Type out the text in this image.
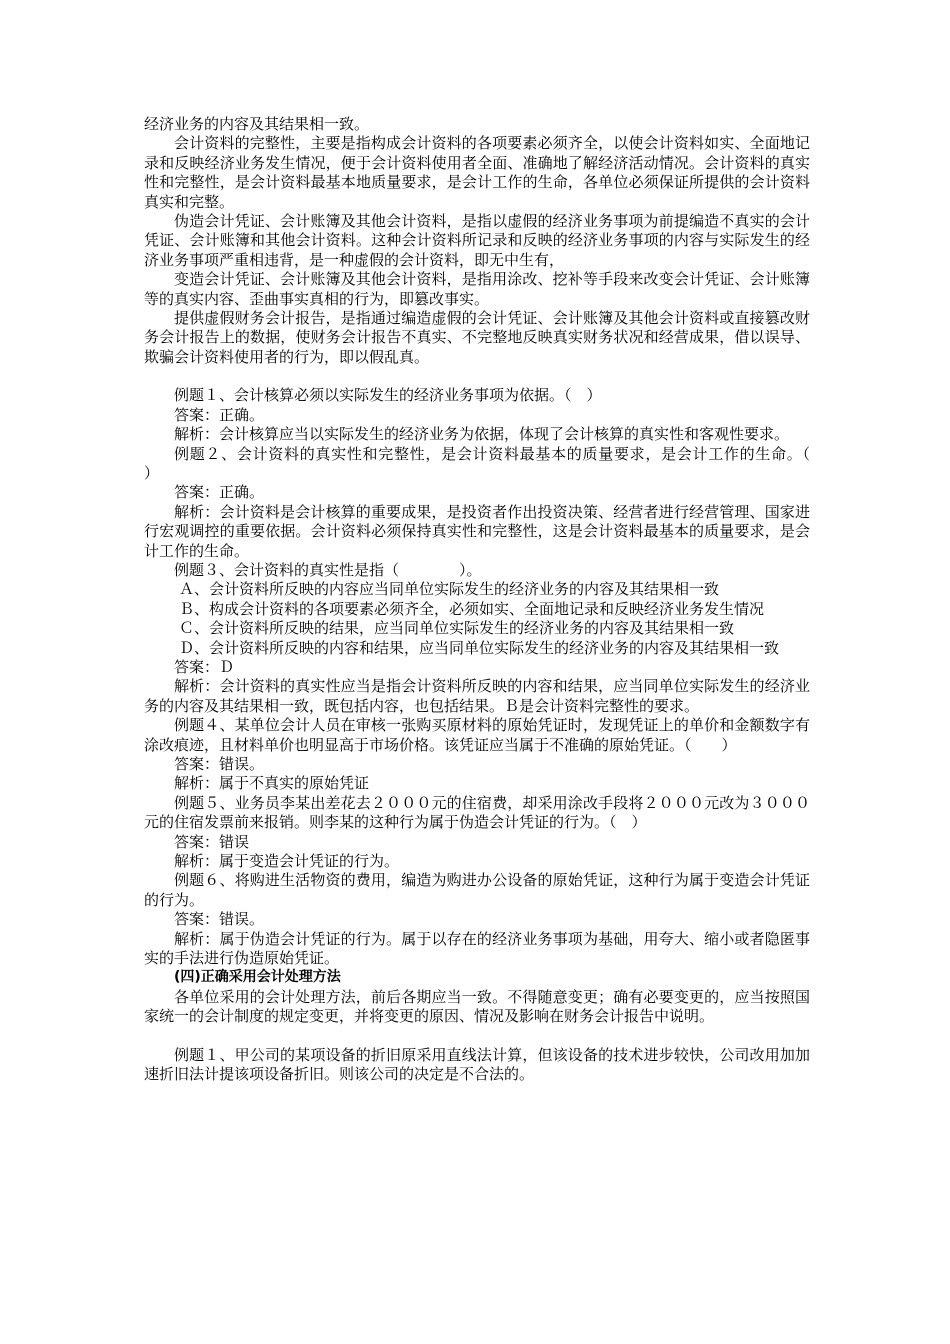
经济业务的内容及其结果相一致。

会计资料的完整性，主要是指构成会计资料的各项要素必须齐全，以使会计资料如实、全面地记录和反映经济业务发生情况，便于会计资料使用者全面、准确地了解经济活动情况。会计资料的真实性和完整性，是会计资料最基本地质量要求，是会计工作的生命，各单位必须保证所提供的会计资料真实和完整。

伪造会计凭证、会计账簿及其他会计资料，是指以虚假的经济业务事项为前提编造不真实的会计凭证、会计账簿和其他会计资料。这种会计资料所记录和反映的经济业务事项的内容与实际发生的经济业务事项严重相违背，是一种虚假的会计资料，即无中生有，

变造会计凭证、会计账簿及其他会计资料，是指用涂改、挖补等手段来改变会计凭证、会计账簿等的真实内容、歪曲事实真相的行为，即篡改事实。

提供虚假财务会计报告，是指通过编造虚假的会计凭证、会计账簿及其他会计资料或直接篡改财务会计报告上的数据，使财务会计报告不真实、不完整地反映真实财务状况和经营成果，借以误导、欺骗会计资料使用者的行为，即以假乱真。

例题１、会计核算必须以实际发生的经济业务事项为依据。（　）

答案：正确。

解析：会计核算应当以实际发生的经济业务为依据，体现了会计核算的真实性和客观性要求。

例题２、会计资料的真实性和完整性，是会计资料最基本的质量要求，是会计工作的生命。（　　　）

答案：正确。

解析：会计资料是会计核算的重要成果，是投资者作出投资决策、经营者进行经营管理、国家进行宏观调控的重要依据。会计资料必须保持真实性和完整性，这是会计资料最基本的质量要求，是会计工作的生命。

例题３、会计资料的真实性是指（　　　　）。

Ａ、会计资料所反映的内容应当同单位实际发生的经济业务的内容及其结果相一致

Ｂ、构成会计资料的各项要素必须齐全，必须如实、全面地记录和反映经济业务发生情况

Ｃ、会计资料所反映的结果，应当同单位实际发生的经济业务的内容及其结果相一致

Ｄ、会计资料所反映的内容和结果，应当同单位实际发生的经济业务的内容及其结果相一致

答案：Ｄ

解析：会计资料的真实性应当是指会计资料所反映的内容和结果，应当同单位实际发生的经济业务的内容及其结果相一致，既包括内容，也包括结果。Ｂ是会计资料完整性的要求。

例题４、某单位会计人员在审核一张购买原材料的原始凭证时，发现凭证上的单价和金额数字有涂改痕迹，且材料单价也明显高于市场价格。该凭证应当属于不准确的原始凭证。（　　）

答案：错误。

解析：属于不真实的原始凭证

例题５、业务员李某出差花去２０００元的住宿费，却采用涂改手段将２０００元改为３０００元的住宿发票前来报销。则李某的这种行为属于伪造会计凭证的行为。（　）

答案：错误

解析：属于变造会计凭证的行为。

例题６、将购进生活物资的费用，编造为购进办公设备的原始凭证，这种行为属于变造会计凭证的行为。

答案：错误。

解析：属于伪造会计凭证的行为。属于以存在的经济业务事项为基础，用夸大、缩小或者隐匿事实的手法进行伪造原始凭证。

(四)正确采用会计处理方法

各单位采用的会计处理方法，前后各期应当一致。不得随意变更；确有必要变更的，应当按照国家统一的会计制度的规定变更，并将变更的原因、情况及影响在财务会计报告中说明。

例题１、甲公司的某项设备的折旧原采用直线法计算，但该设备的技术进步较快，公司改用加加速折旧法计提该项设备折旧。则该公司的决定是不合法的。
